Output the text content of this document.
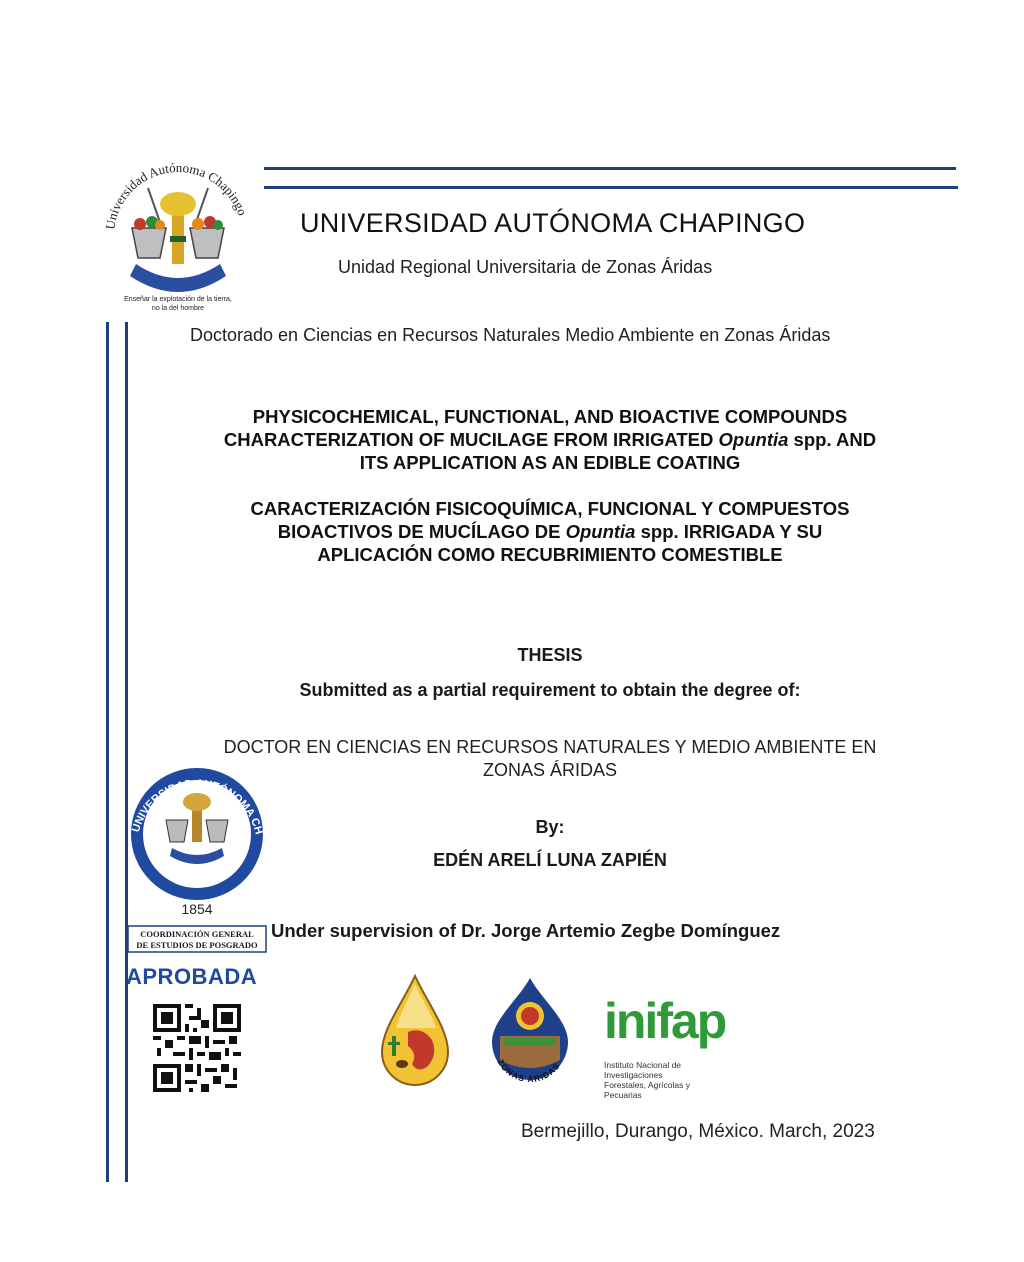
Universidad Autónoma Chapingo
Enseñar la explotación de la tierra,
no la del hombre
UNIVERSIDAD AUTÓNOMA CHAPINGO
Unidad Regional Universitaria de Zonas Áridas
Doctorado en Ciencias en Recursos Naturales Medio Ambiente en Zonas Áridas
PHYSICOCHEMICAL, FUNCTIONAL, AND BIOACTIVE COMPOUNDS
CHARACTERIZATION OF MUCILAGE FROM IRRIGATED Opuntia spp. AND
ITS APPLICATION AS AN EDIBLE COATING
CARACTERIZACIÓN FISICOQUÍMICA, FUNCIONAL Y COMPUESTOS
BIOACTIVOS DE MUCÍLAGO DE Opuntia spp. IRRIGADA Y SU
APLICACIÓN COMO RECUBRIMIENTO COMESTIBLE
THESIS
Submitted as a partial requirement to obtain the degree of:
DOCTOR EN CIENCIAS EN RECURSOS NATURALES Y MEDIO AMBIENTE EN
ZONAS ÁRIDAS
By:
EDÉN ARELÍ LUNA ZAPIÉN
Under supervision of Dr. Jorge Artemio Zegbe Domínguez
UNIVERSIDAD AUTÓNOMA CH
1854
COORDINACIÓN GENERAL
DE ESTUDIOS DE POSGRADO
APROBADA
ZONAS ÁRIDAS
inifap
Instituto Nacional de Investigaciones
Forestales, Agrícolas y Pecuarias
Bermejillo, Durango, México. March, 2023
